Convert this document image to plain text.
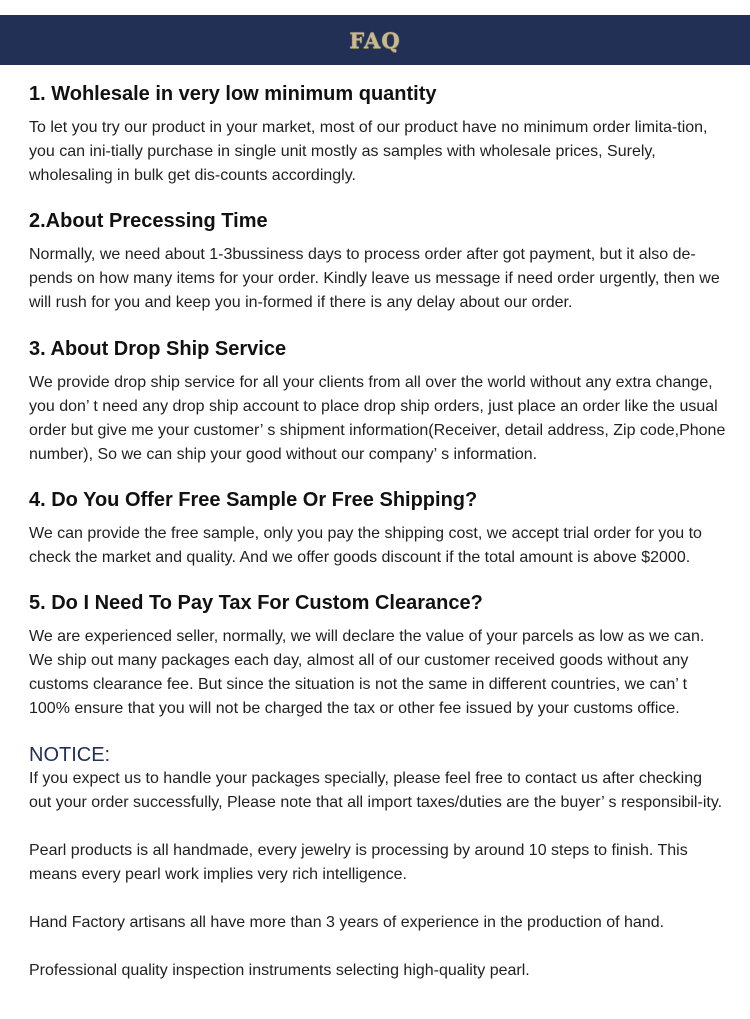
FAQ
1. Wohlesale in very low minimum quantity

To let you try our product in your market, most of our product have no minimum order limita-tion, you can ini-tially purchase in single unit mostly as samples with wholesale prices, Surely, wholesaling in bulk get dis-counts accordingly.

2.About Precessing Time

Normally, we need about 1-3bussiness days to process order after got payment, but it also de-pends on how many items for your order. Kindly leave us message if need order urgently, then we will rush for you and keep you in-formed if there is any delay about our order.

3. About Drop Ship Service

We provide drop ship service for all your clients from all over the world without any extra change, you don’ t need any drop ship account to place drop ship orders, just place an order like the usual order but give me your customer’ s shipment information(Receiver, detail address, Zip code,Phone number), So we can ship your good without our company’ s information.

4. Do You Offer Free Sample Or Free Shipping?

We can provide the free sample, only you pay the shipping cost, we accept trial order for you to check the market and quality. And we offer goods discount if the total amount is above $2000.

5. Do I Need To Pay Tax For Custom Clearance?

We are experienced seller, normally, we will declare the value of your parcels as low as we can. We ship out many packages each day, almost all of our customer received goods without any customs clearance fee. But since the situation is not the same in different countries, we can’ t 100% ensure that you will not be charged the tax or other fee issued by your customs office.

NOTICE:

If you expect us to handle your packages specially, please feel free to contact us after checking out your order successfully, Please note that all import taxes/duties are the buyer’ s responsibil-ity.

Pearl products is all handmade, every jewelry is processing by around 10 steps to finish. This means every pearl work implies very rich intelligence.

Hand Factory artisans all have more than 3 years of experience in the production of hand.

Professional quality inspection instruments selecting high-quality pearl.
